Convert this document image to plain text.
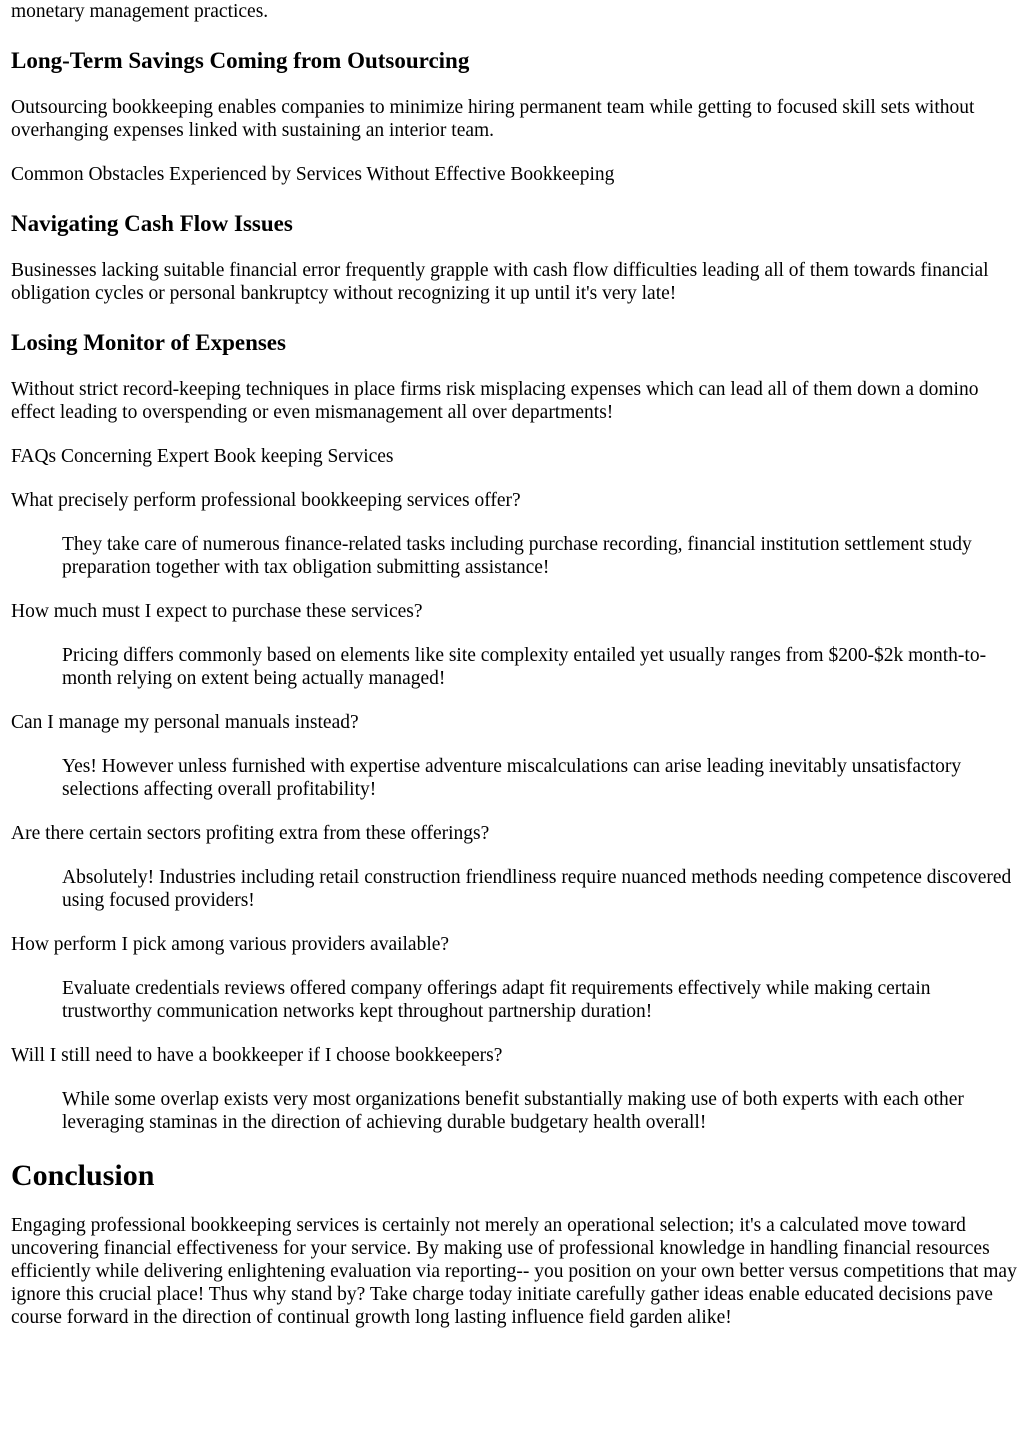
monetary management practices.

Long-Term Savings Coming from Outsourcing

Outsourcing bookkeeping enables companies to minimize hiring permanent team while getting to focused skill sets without overhanging expenses linked with sustaining an interior team.

Common Obstacles Experienced by Services Without Effective Bookkeeping

Navigating Cash Flow Issues

Businesses lacking suitable financial error frequently grapple with cash flow difficulties leading all of them towards financial obligation cycles or personal bankruptcy without recognizing it up until it's very late!

Losing Monitor of Expenses

Without strict record-keeping techniques in place firms risk misplacing expenses which can lead all of them down a domino effect leading to overspending or even mismanagement all over departments!

FAQs Concerning Expert Book keeping Services

What precisely perform professional bookkeeping services offer?

They take care of numerous finance-related tasks including purchase recording, financial institution settlement study preparation together with tax obligation submitting assistance!

How much must I expect to purchase these services?

Pricing differs commonly based on elements like site complexity entailed yet usually ranges from $200-$2k month-to-month relying on extent being actually managed!

Can I manage my personal manuals instead?

Yes! However unless furnished with expertise adventure miscalculations can arise leading inevitably unsatisfactory selections affecting overall profitability!

Are there certain sectors profiting extra from these offerings?

Absolutely! Industries including retail construction friendliness require nuanced methods needing competence discovered using focused providers!

How perform I pick among various providers available?

Evaluate credentials reviews offered company offerings adapt fit requirements effectively while making certain trustworthy communication networks kept throughout partnership duration!

Will I still need to have a bookkeeper if I choose bookkeepers?

While some overlap exists very most organizations benefit substantially making use of both experts with each other leveraging staminas in the direction of achieving durable budgetary health overall!

Conclusion

Engaging professional bookkeeping services is certainly not merely an operational selection; it's a calculated move toward uncovering financial effectiveness for your service. By making use of professional knowledge in handling financial resources efficiently while delivering enlightening evaluation via reporting-- you position on your own better versus competitions that may ignore this crucial place! Thus why stand by? Take charge today initiate carefully gather ideas enable educated decisions pave course forward in the direction of continual growth long lasting influence field garden alike!
